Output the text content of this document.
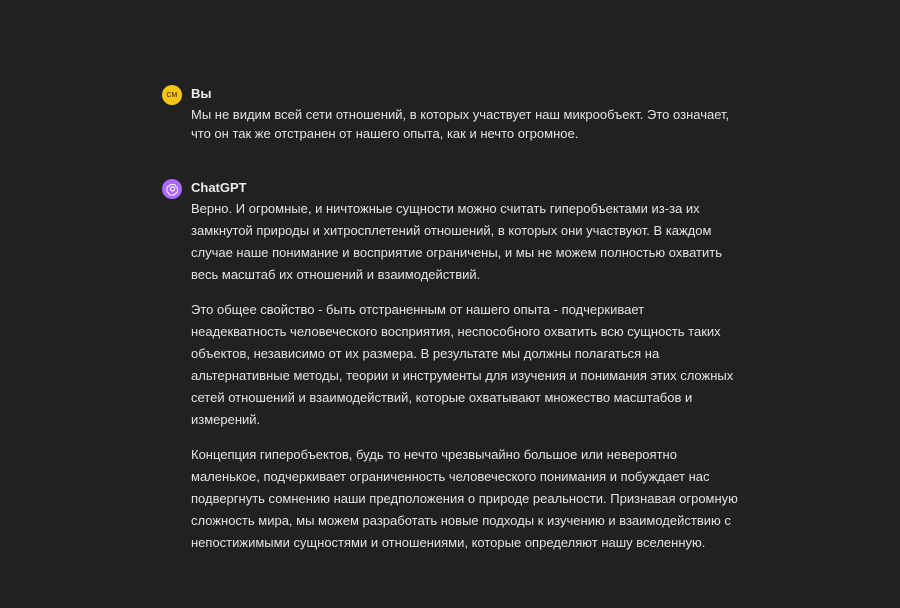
СМ Вы

Мы не видим всей сети отношений, в которых участвует наш микрообъект. Это означает, что он так же отстранен от нашего опыта, как и нечто огромное.

ChatGPT

Верно. И огромные, и ничтожные сущности можно считать гиперобъектами из-за их замкнутой природы и хитросплетений отношений, в которых они участвуют. В каждом случае наше понимание и восприятие ограничены, и мы не можем полностью охватить весь масштаб их отношений и взаимодействий.

Это общее свойство - быть отстраненным от нашего опыта - подчеркивает неадекватность человеческого восприятия, неспособного охватить всю сущность таких объектов, независимо от их размера. В результате мы должны полагаться на альтернативные методы, теории и инструменты для изучения и понимания этих сложных сетей отношений и взаимодействий, которые охватывают множество масштабов и измерений.

Концепция гиперобъектов, будь то нечто чрезвычайно большое или невероятно маленькое, подчеркивает ограниченность человеческого понимания и побуждает нас подвергнуть сомнению наши предположения о природе реальности. Признавая огромную сложность мира, мы можем разработать новые подходы к изучению и взаимодействию с непостижимыми сущностями и отношениями, которые определяют нашу вселенную.
